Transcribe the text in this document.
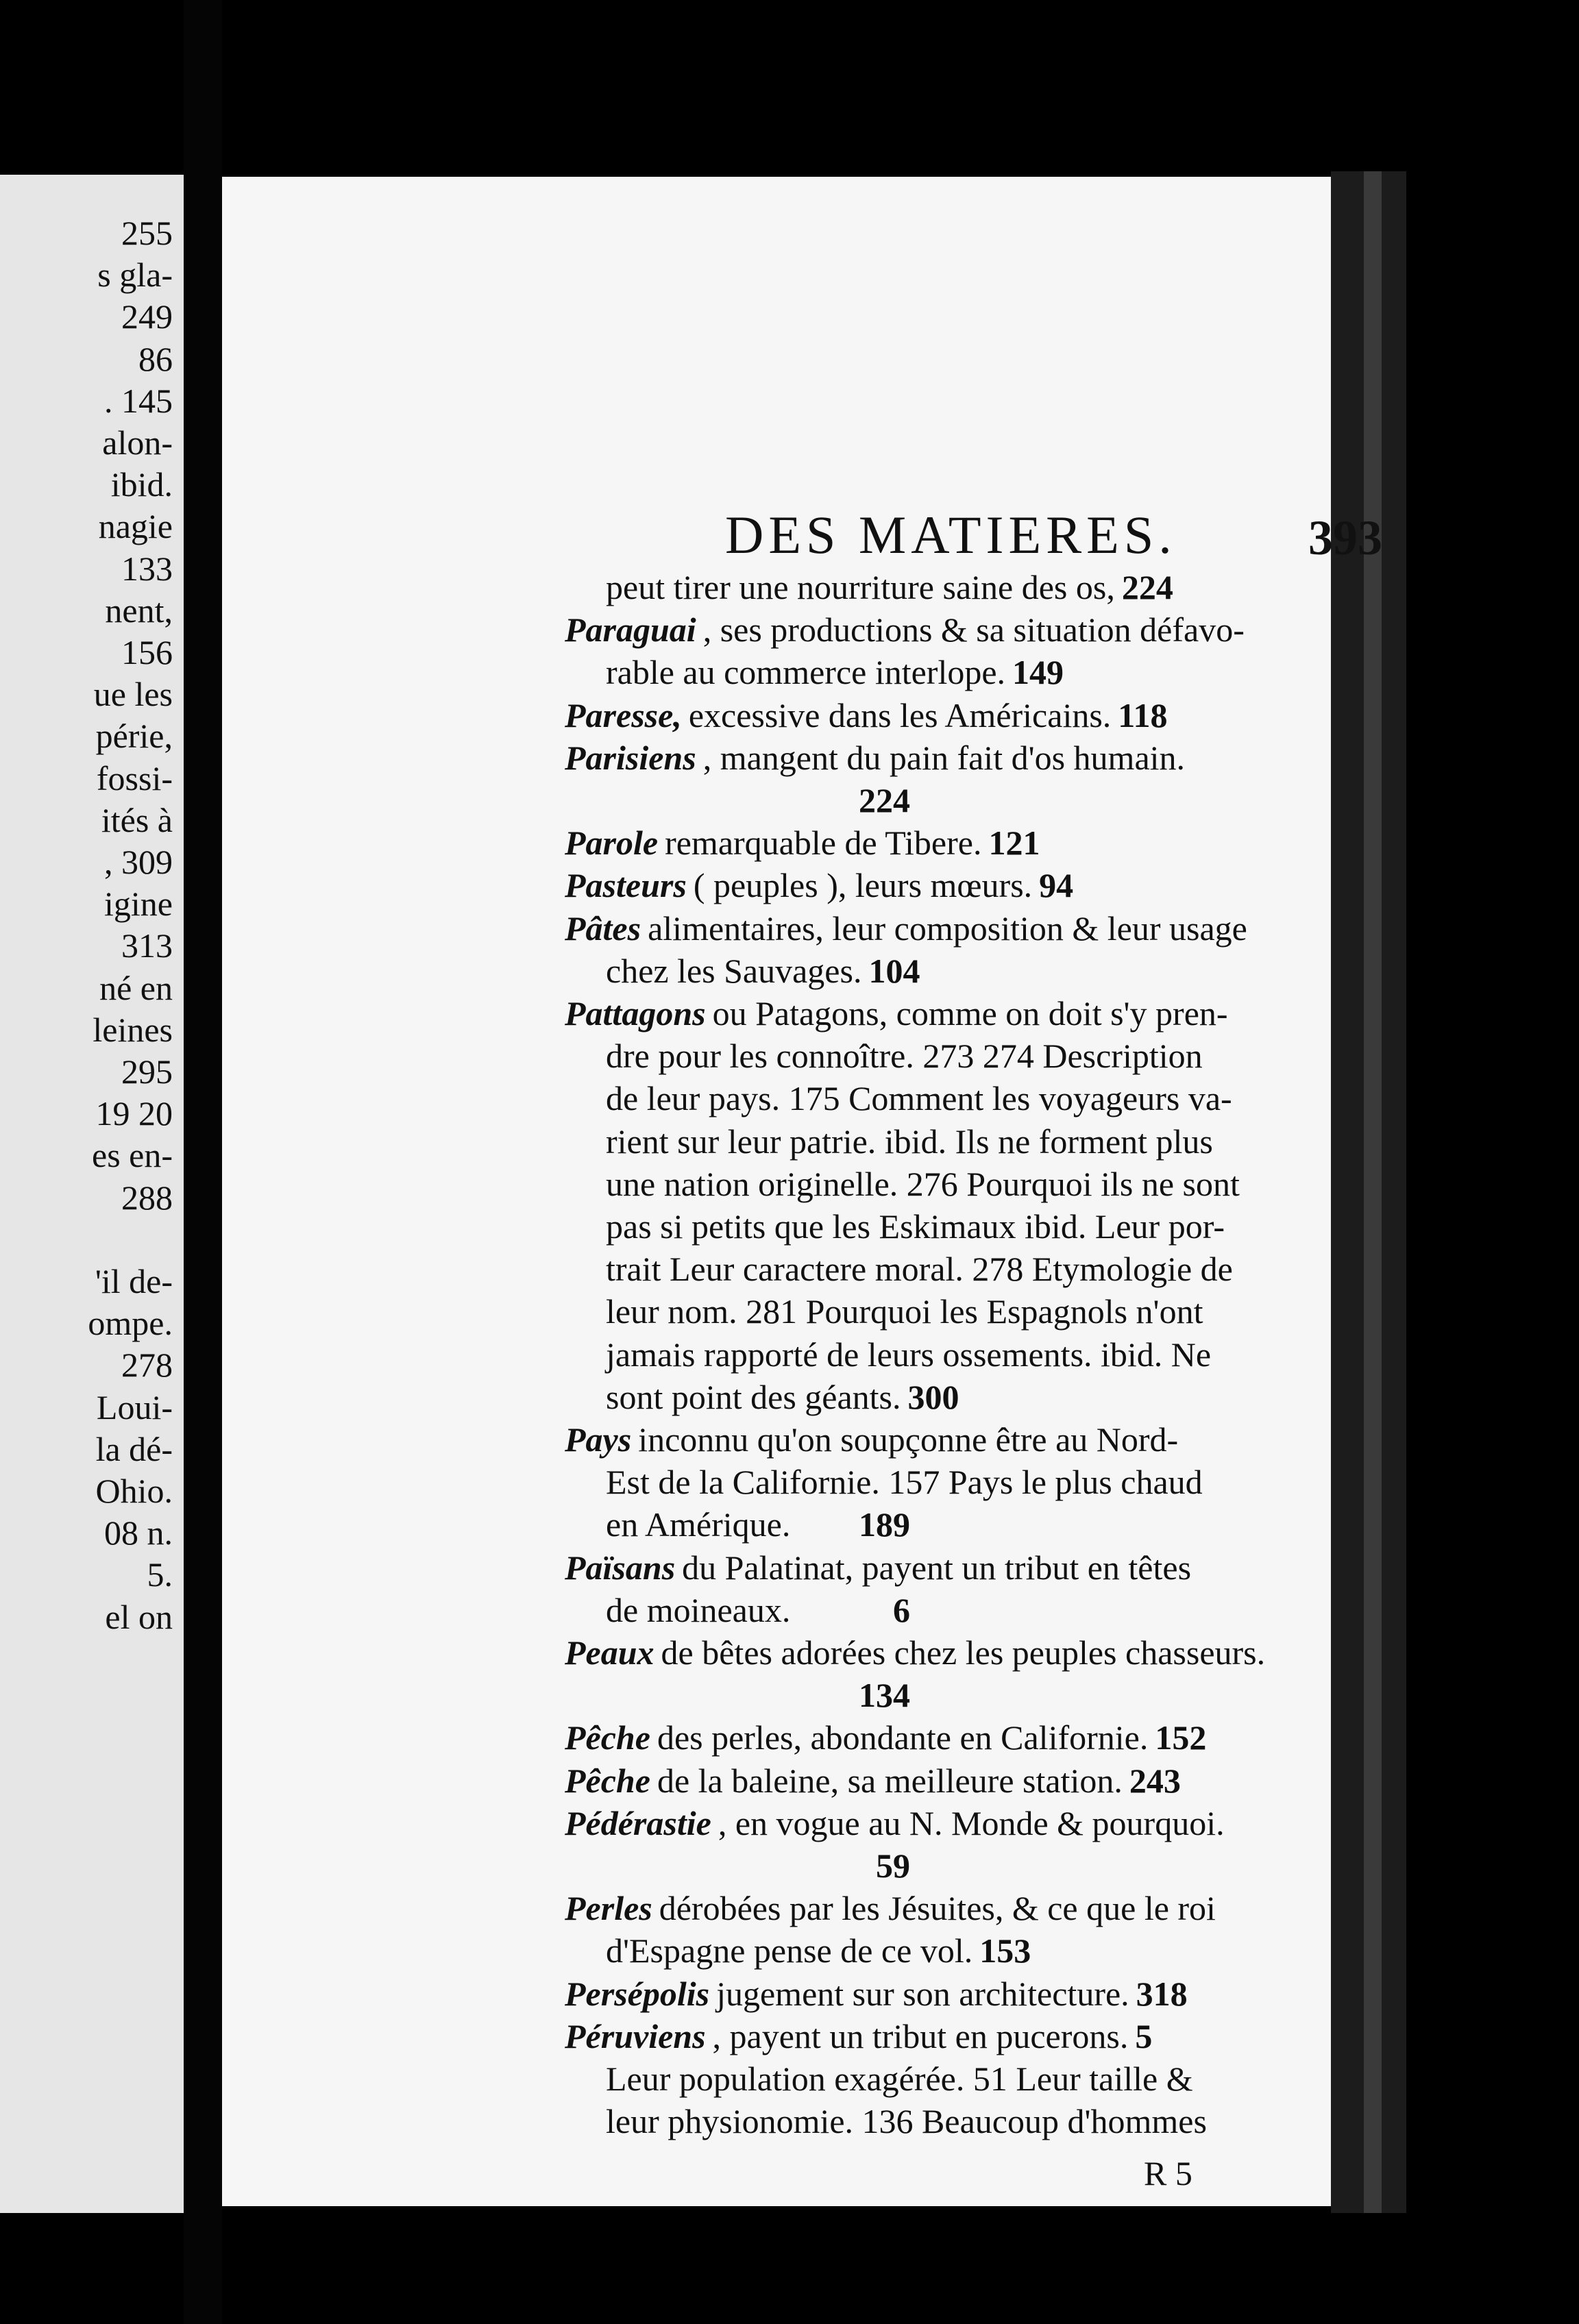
255
s gla-
249
86
. 145
alon-
ibid.
nagie
133
nent,
156
ue les
périe,
fossi-
ités à
, 309
igine
313
né en
leines
295
19 20
es en-
288
'il de-
ompe.
278
Loui-
la dé-
Ohio.
08 n.
5.
el on
DES MATIERES.	393
peut tirer une nourriture saine des os, 224
Paraguai , ses productions & sa situation défavo-
rable au commerce interlope. 149
Paresse, excessive dans les Américains. 118
Parisiens , mangent du pain fait d'os humain.
224
Parole remarquable de Tibere. 121
Pasteurs ( peuples ), leurs mœurs. 94
Pâtes alimentaires, leur composition & leur usage
chez les Sauvages. 104
Pattagons ou Patagons, comme on doit s'y pren-
dre pour les connoître. 273 274 Description
de leur pays. 175 Comment les voyageurs va-
rient sur leur patrie. ibid. Ils ne forment plus
une nation originelle. 276 Pourquoi ils ne sont
pas si petits que les Eskimaux ibid. Leur por-
trait Leur caractere moral. 278 Etymologie de
leur nom. 281 Pourquoi les Espagnols n'ont
jamais rapporté de leurs ossements. ibid. Ne
sont point des géants. 300
Pays inconnu qu'on soupçonne être au Nord-
Est de la Californie. 157 Pays le plus chaud
en Amérique.	189
Païsans du Palatinat, payent un tribut en têtes
de moineaux.	6
Peaux de bêtes adorées chez les peuples chasseurs.
134
Pêche des perles, abondante en Californie. 152
Pêche de la baleine, sa meilleure station. 243
Pédérastie , en vogue au N. Monde & pourquoi.
59
Perles dérobées par les Jésuites, & ce que le roi
d'Espagne pense de ce vol. 153
Persépolis jugement sur son architecture. 318
Péruviens , payent un tribut en pucerons. 5
Leur population exagérée. 51 Leur taille &
leur physionomie. 136 Beaucoup d'hommes
R 5
